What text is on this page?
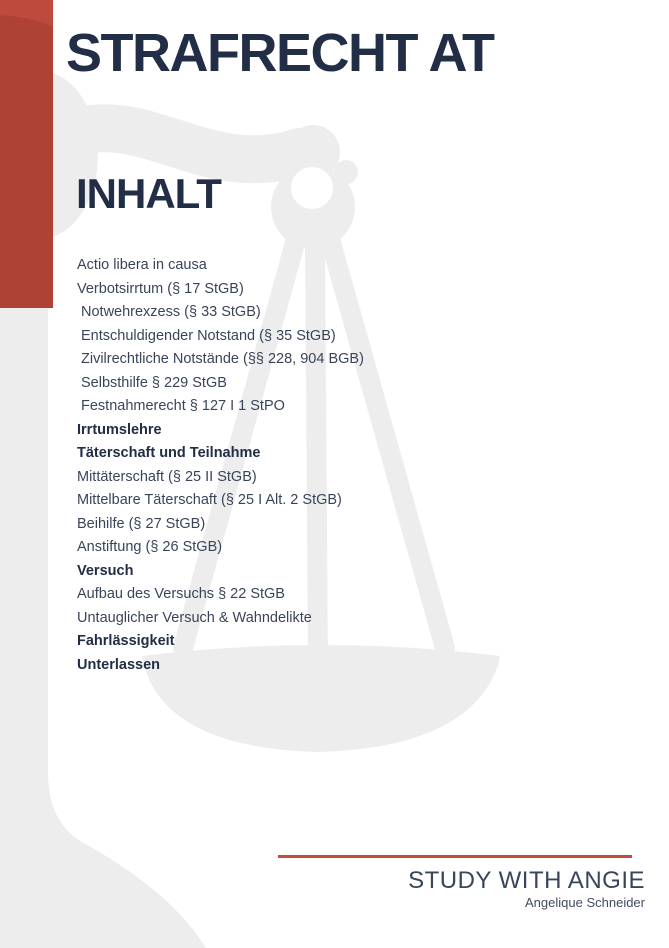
STRAFRECHT AT
INHALT
Actio libera in causa
Verbotsirrtum (§ 17 StGB)
Notwehrexzess (§ 33 StGB)
Entschuldigender Notstand (§ 35 StGB)
Zivilrechtliche Notstände (§§ 228, 904 BGB)
Selbsthilfe § 229 StGB
Festnahmerecht § 127 I 1 StPO
Irrtumslehre
Täterschaft und Teilnahme
Mittäterschaft (§ 25 II StGB)
Mittelbare Täterschaft (§ 25 I Alt. 2 StGB)
Beihilfe (§ 27 StGB)
Anstiftung (§ 26 StGB)
Versuch
Aufbau des Versuchs § 22 StGB
Untauglicher Versuch & Wahndelikte
Fahrlässigkeit
Unterlassen
STUDY WITH ANGIE
Angelique Schneider
